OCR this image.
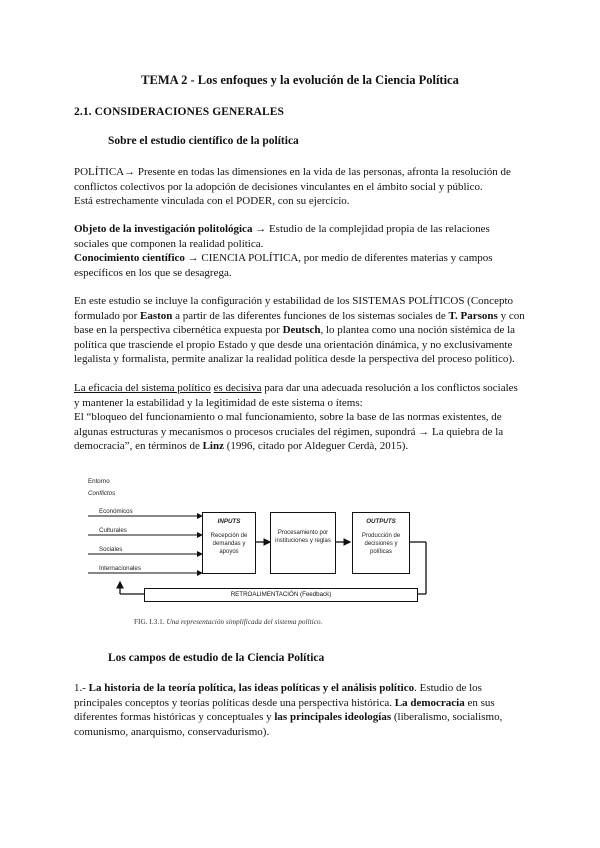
TEMA 2 - Los enfoques y la evolución de la Ciencia Política
2.1. CONSIDERACIONES GENERALES
Sobre el estudio científico de la política
POLÍTICA→ Presente en todas las dimensiones en la vida de las personas, afronta la resolución de
conflictos colectivos por la adopción de decisiones vinculantes en el ámbito social y público.
Está estrechamente vinculada con el PODER, con su ejercicio.
Objeto de la investigación politológica → Estudio de la complejidad propia de las relaciones
sociales que componen la realidad política.
Conocimiento científico → CIENCIA POLÍTICA, por medio de diferentes materias y campos
específicos en los que se desagrega.
En este estudio se incluye la configuración y estabilidad de los SISTEMAS POLÍTICOS (Concepto
formulado por Easton a partir de las diferentes funciones de los sistemas sociales de T. Parsons y con
base en la perspectiva cibernética expuesta por Deutsch, lo plantea como una noción sistémica de la
política que trasciende el propio Estado y que desde una orientación dinámica, y no exclusivamente
legalista y formalista, permite analizar la realidad política desde la perspectiva del proceso político).
La eficacia del sistema político es decisiva para dar una adecuada resolución a los conflictos sociales
y mantener la estabilidad y la legitimidad de este sistema o ítems:
El “bloqueo del funcionamiento o mal funcionamiento, sobre la base de las normas existentes, de
algunas estructuras y mecanismos o procesos cruciales del régimen, supondrá → La quiebra de la
democracia”, en términos de Linz (1996, citado por Aldeguer Cerdà, 2015).
Entorno
Conflictos
Económicos
Culturales
Sociales
Internacionales
INPUTS
Recepción de demandas y apoyos
Procesamiento por instituciones y reglas
OUTPUTS
Producción de decisiones y políticas
RETROALIMENTACIÓN (Feedback)
FIG. I.3.1. Una representación simplificada del sistema político.
Los campos de estudio de la Ciencia Política
1.- La historia de la teoría política, las ideas políticas y el análisis político. Estudio de los
principales conceptos y teorías políticas desde una perspectiva histórica. La democracia en sus
diferentes formas históricas y conceptuales y las principales ideologías (liberalismo, socialismo,
comunismo, anarquismo, conservadurismo).
